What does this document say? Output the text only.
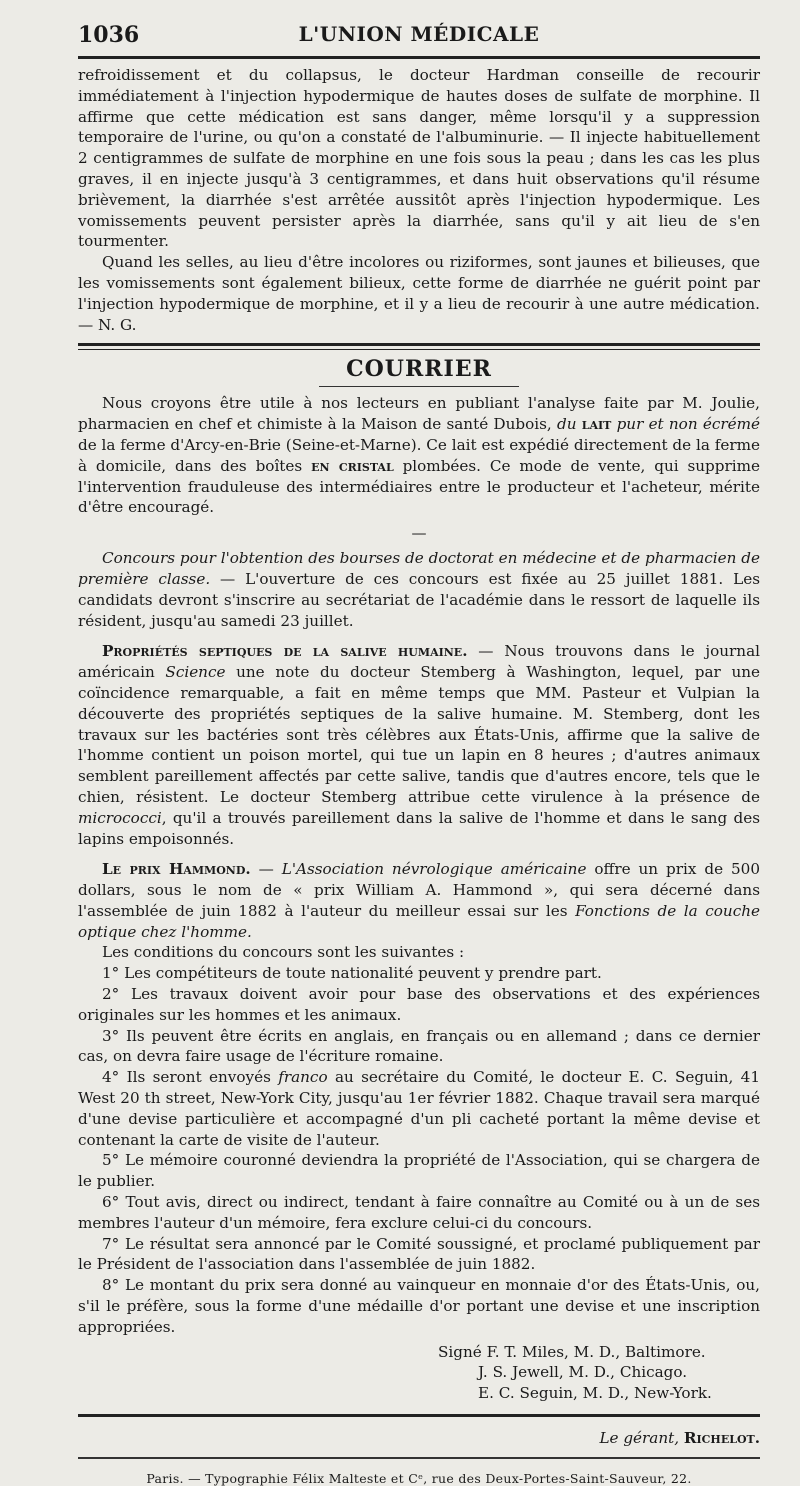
1036	L'UNION MÉDICALE

refroidissement et du collapsus, le docteur Hardman conseille de recourir immédiatement à l'injection hypodermique de hautes doses de sulfate de morphine. Il affirme que cette médication est sans danger, même lorsqu'il y a suppression temporaire de l'urine, ou qu'on a constaté de l'albuminurie. — Il injecte habituellement 2 centigrammes de sulfate de morphine en une fois sous la peau ; dans les cas les plus graves, il en injecte jusqu'à 3 centigrammes, et dans huit observations qu'il résume brièvement, la diarrhée s'est arrêtée aussitôt après l'injection hypodermique. Les vomissements peuvent persister après la diarrhée, sans qu'il y ait lieu de s'en tourmenter.

Quand les selles, au lieu d'être incolores ou riziformes, sont jaunes et bilieuses, que les vomissements sont également bilieux, cette forme de diarrhée ne guérit point par l'injection hypodermique de morphine, et il y a lieu de recourir à une autre médication. — N. G.

COURRIER

Nous croyons être utile à nos lecteurs en publiant l'analyse faite par M. Joulie, pharmacien en chef et chimiste à la Maison de santé Dubois, du lait pur et non écrémé de la ferme d'Arcy-en-Brie (Seine-et-Marne). Ce lait est expédié directement de la ferme à domicile, dans des boîtes en cristal plombées. Ce mode de vente, qui supprime l'intervention frauduleuse des intermédiaires entre le producteur et l'acheteur, mérite d'être encouragé.

—

Concours pour l'obtention des bourses de doctorat en médecine et de pharmacien de première classe. — L'ouverture de ces concours est fixée au 25 juillet 1881. Les candidats devront s'inscrire au secrétariat de l'académie dans le ressort de laquelle ils résident, jusqu'au samedi 23 juillet.

Propriétés septiques de la salive humaine. — Nous trouvons dans le journal américain Science une note du docteur Stemberg à Washington, lequel, par une coïncidence remarquable, a fait en même temps que MM. Pasteur et Vulpian la découverte des propriétés septiques de la salive humaine. M. Stemberg, dont les travaux sur les bactéries sont très célèbres aux États-Unis, affirme que la salive de l'homme contient un poison mortel, qui tue un lapin en 8 heures ; d'autres animaux semblent pareillement affectés par cette salive, tandis que d'autres encore, tels que le chien, résistent. Le docteur Stemberg attribue cette virulence à la présence de micrococci, qu'il a trouvés pareillement dans la salive de l'homme et dans le sang des lapins empoisonnés.

Le prix Hammond. — L'Association névrologique américaine offre un prix de 500 dollars, sous le nom de « prix William A. Hammond », qui sera décerné dans l'assemblée de juin 1882 à l'auteur du meilleur essai sur les Fonctions de la couche optique chez l'homme.

Les conditions du concours sont les suivantes :

1° Les compétiteurs de toute nationalité peuvent y prendre part.

2° Les travaux doivent avoir pour base des observations et des expériences originales sur les hommes et les animaux.

3° Ils peuvent être écrits en anglais, en français ou en allemand ; dans ce dernier cas, on devra faire usage de l'écriture romaine.

4° Ils seront envoyés franco au secrétaire du Comité, le docteur E. C. Seguin, 41 West 20 th street, New-York City, jusqu'au 1er février 1882. Chaque travail sera marqué d'une devise particulière et accompagné d'un pli cacheté portant la même devise et contenant la carte de visite de l'auteur.

5° Le mémoire couronné deviendra la propriété de l'Association, qui se chargera de le publier.

6° Tout avis, direct ou indirect, tendant à faire connaître au Comité ou à un de ses membres l'auteur d'un mémoire, fera exclure celui-ci du concours.

7° Le résultat sera annoncé par le Comité soussigné, et proclamé publiquement par le Président de l'association dans l'assemblée de juin 1882.

8° Le montant du prix sera donné au vainqueur en monnaie d'or des États-Unis, ou, s'il le préfère, sous la forme d'une médaille d'or portant une devise et une inscription appropriées.

Signé F. T. Miles, M. D., Baltimore.
J. S. Jewell, M. D., Chicago.
E. C. Seguin, M. D., New-York.
Le gérant, Richelot.
Paris. — Typographie Félix Malteste et Cᵉ, rue des Deux-Portes-Saint-Sauveur, 22.
